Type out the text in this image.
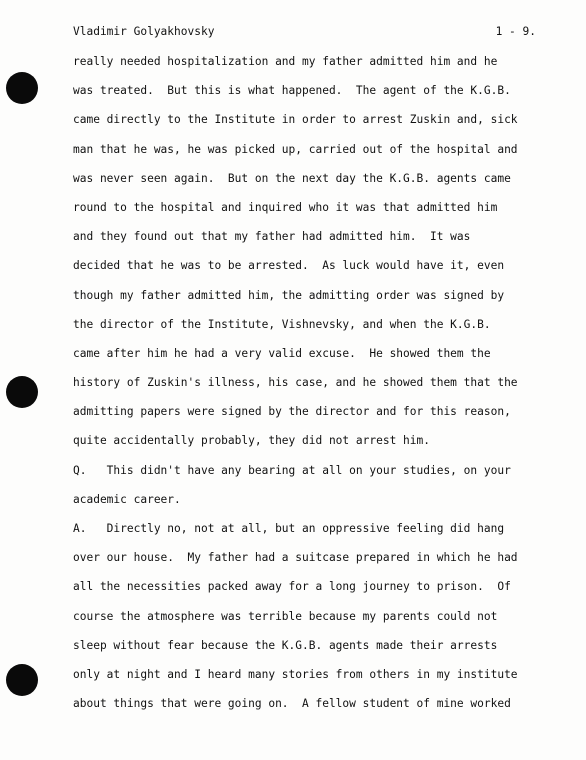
Vladimir Golyakhovsky

	1 - 9.

really needed hospitalization and my father admitted him and he
was treated.  But this is what happened.  The agent of the K.G.B.
came directly to the Institute in order to arrest Zuskin and, sick
man that he was, he was picked up, carried out of the hospital and
was never seen again.  But on the next day the K.G.B. agents came
round to the hospital and inquired who it was that admitted him
and they found out that my father had admitted him.  It was
decided that he was to be arrested.  As luck would have it, even
though my father admitted him, the admitting order was signed by
the director of the Institute, Vishnevsky, and when the K.G.B.
came after him he had a very valid excuse.  He showed them the
history of Zuskin's illness, his case, and he showed them that the
admitting papers were signed by the director and for this reason,
quite accidentally probably, they did not arrest him.
Q.   This didn't have any bearing at all on your studies, on your
academic career.
A.   Directly no, not at all, but an oppressive feeling did hang
over our house.  My father had a suitcase prepared in which he had
all the necessities packed away for a long journey to prison.  Of
course the atmosphere was terrible because my parents could not
sleep without fear because the K.G.B. agents made their arrests
only at night and I heard many stories from others in my institute
about things that were going on.  A fellow student of mine worked
